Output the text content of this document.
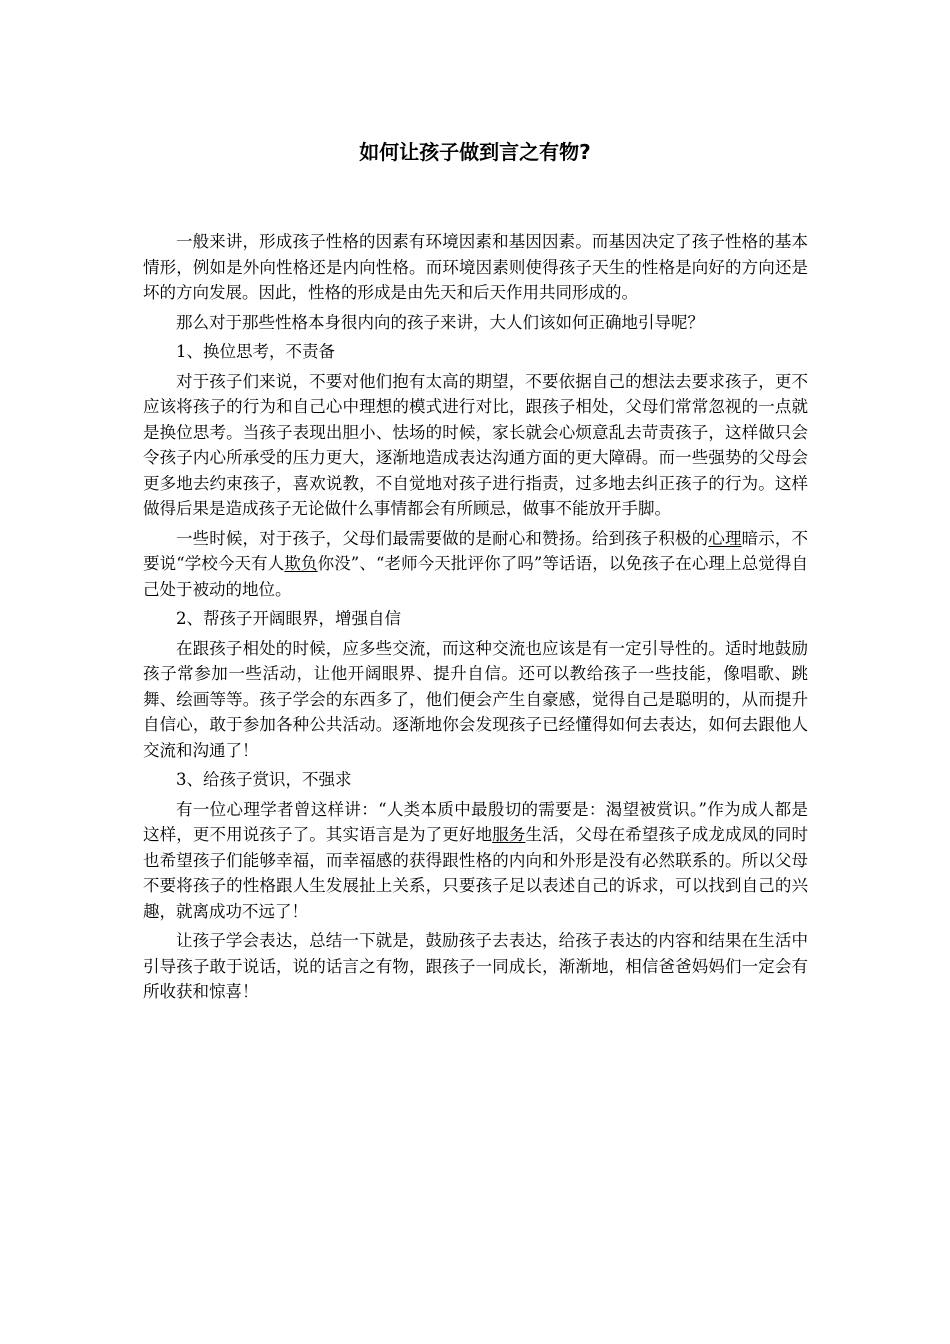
如何让孩子做到言之有物?

一般来讲，形成孩子性格的因素有环境因素和基因因素。而基因决定了孩子性格的基本情形，例如是外向性格还是内向性格。而环境因素则使得孩子天生的性格是向好的方向还是坏的方向发展。因此，性格的形成是由先天和后天作用共同形成的。

那么对于那些性格本身很内向的孩子来讲，大人们该如何正确地引导呢？

1、换位思考，不责备

对于孩子们来说，不要对他们抱有太高的期望，不要依据自己的想法去要求孩子，更不应该将孩子的行为和自己心中理想的模式进行对比，跟孩子相处，父母们常常忽视的一点就是换位思考。当孩子表现出胆小、怯场的时候，家长就会心烦意乱去苛责孩子，这样做只会令孩子内心所承受的压力更大，逐渐地造成表达沟通方面的更大障碍。而一些强势的父母会更多地去约束孩子，喜欢说教，不自觉地对孩子进行指责，过多地去纠正孩子的行为。这样做得后果是造成孩子无论做什么事情都会有所顾忌，做事不能放开手脚。

一些时候，对于孩子，父母们最需要做的是耐心和赞扬。给到孩子积极的心理暗示，不要说“学校今天有人欺负你没”、“老师今天批评你了吗”等话语，以免孩子在心理上总觉得自己处于被动的地位。

2、帮孩子开阔眼界，增强自信

在跟孩子相处的时候，应多些交流，而这种交流也应该是有一定引导性的。适时地鼓励孩子常参加一些活动，让他开阔眼界、提升自信。还可以教给孩子一些技能，像唱歌、跳舞、绘画等等。孩子学会的东西多了，他们便会产生自豪感，觉得自己是聪明的，从而提升自信心，敢于参加各种公共活动。逐渐地你会发现孩子已经懂得如何去表达，如何去跟他人交流和沟通了！

3、给孩子赏识，不强求

有一位心理学者曾这样讲：“人类本质中最殷切的需要是：渴望被赏识。”作为成人都是这样，更不用说孩子了。其实语言是为了更好地服务生活，父母在希望孩子成龙成凤的同时也希望孩子们能够幸福，而幸福感的获得跟性格的内向和外形是没有必然联系的。所以父母不要将孩子的性格跟人生发展扯上关系，只要孩子足以表述自己的诉求，可以找到自己的兴趣，就离成功不远了！

让孩子学会表达，总结一下就是，鼓励孩子去表达，给孩子表达的内容和结果在生活中引导孩子敢于说话，说的话言之有物，跟孩子一同成长，渐渐地，相信爸爸妈妈们一定会有所收获和惊喜！
